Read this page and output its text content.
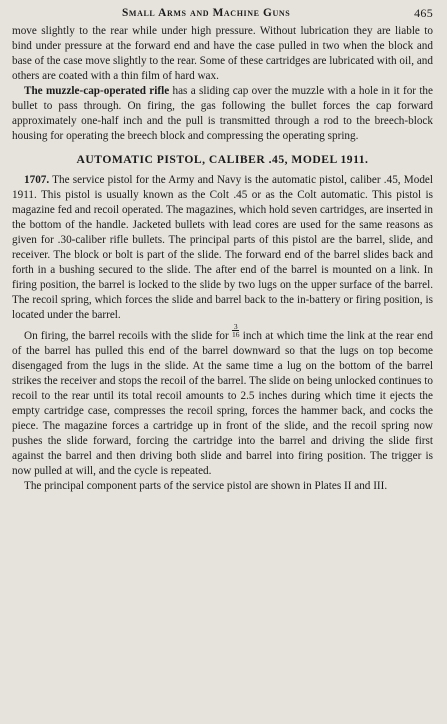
Small Arms and Machine Guns	465

move slightly to the rear while under high pressure. Without lubrication they are liable to bind under pressure at the forward end and have the case pulled in two when the block and base of the case move slightly to the rear. Some of these cartridges are lubricated with oil, and others are coated with a thin film of hard wax.

The muzzle-cap-operated rifle has a sliding cap over the muzzle with a hole in it for the bullet to pass through. On firing, the gas following the bullet forces the cap forward approximately one-half inch and the pull is transmitted through a rod to the breech-block housing for operating the breech block and compressing the operating spring.

AUTOMATIC PISTOL, CALIBER .45, MODEL 1911.

1707. The service pistol for the Army and Navy is the automatic pistol, caliber .45, Model 1911. This pistol is usually known as the Colt .45 or as the Colt automatic. This pistol is magazine fed and recoil operated. The magazines, which hold seven cartridges, are inserted in the bottom of the handle. Jacketed bullets with lead cores are used for the same reasons as given for .30-caliber rifle bullets. The principal parts of this pistol are the barrel, slide, and receiver. The block or bolt is part of the slide. The forward end of the barrel slides back and forth in a bushing secured to the slide. The after end of the barrel is mounted on a link. In firing position, the barrel is locked to the slide by two lugs on the upper surface of the barrel. The recoil spring, which forces the slide and barrel back to the in-battery or firing position, is located under the barrel.

On firing, the barrel recoils with the slide for $\frac{3}{16}$ inch at which time the link at the rear end of the barrel has pulled this end of the barrel downward so that the lugs on top become disengaged from the lugs in the slide. At the same time a lug on the bottom of the barrel strikes the receiver and stops the recoil of the barrel. The slide on being unlocked continues to recoil to the rear until its total recoil amounts to 2.5 inches during which time it ejects the empty cartridge case, compresses the recoil spring, forces the hammer back, and cocks the piece. The magazine forces a cartridge up in front of the slide, and the recoil spring now pushes the slide forward, forcing the cartridge into the barrel and driving the slide first against the barrel and then driving both slide and barrel into firing position. The trigger is now pulled at will, and the cycle is repeated.

The principal component parts of the service pistol are shown in Plates II and III.
